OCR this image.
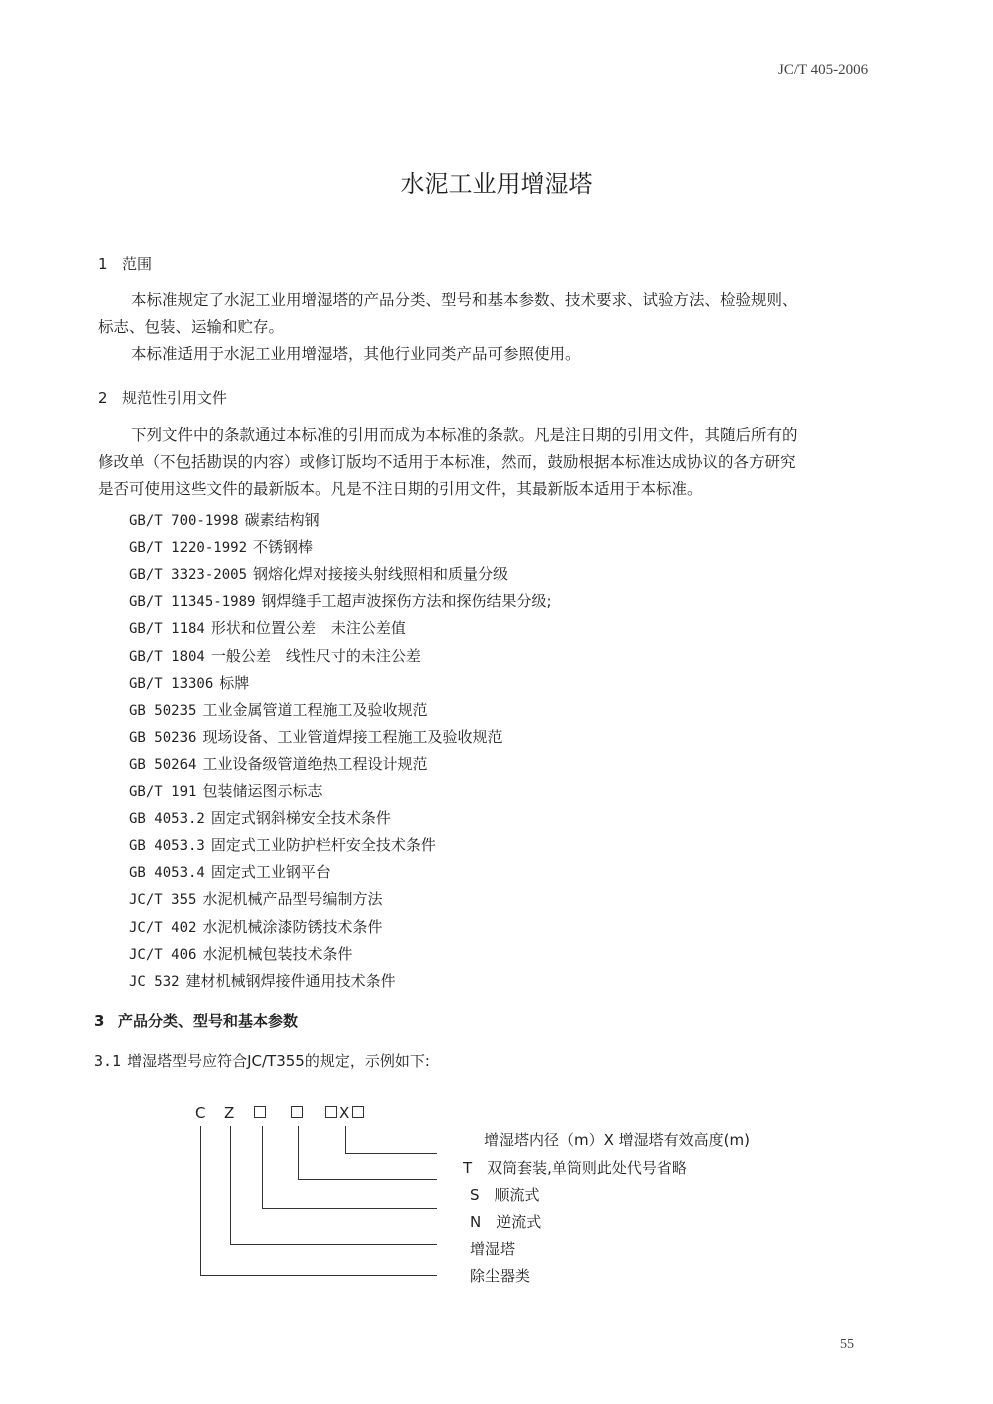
JC/T 405-2006
水泥工业用增湿塔
1 范围

本标准规定了水泥工业用增湿塔的产品分类、型号和基本参数、技术要求、试验方法、检验规则、

标志、包装、运输和贮存。

本标准适用于水泥工业用增湿塔，其他行业同类产品可参照使用。

2 规范性引用文件

下列文件中的条款通过本标准的引用而成为本标准的条款。凡是注日期的引用文件，其随后所有的

修改单（不包括勘误的内容）或修订版均不适用于本标准，然而，鼓励根据本标准达成协议的各方研究

是否可使用这些文件的最新版本。凡是不注日期的引用文件，其最新版本适用于本标准。

GB/T 700-1998 碳素结构钢
GB/T 1220-1992 不锈钢棒
GB/T 3323-2005 钢熔化焊对接接头射线照相和质量分级
GB/T 11345-1989 钢焊缝手工超声波探伤方法和探伤结果分级;
GB/T 1184 形状和位置公差　未注公差值
GB/T 1804 一般公差　线性尺寸的未注公差
GB/T 13306 标牌
GB 50235 工业金属管道工程施工及验收规范
GB 50236 现场设备、工业管道焊接工程施工及验收规范
GB 50264 工业设备级管道绝热工程设计规范
GB/T 191 包装储运图示标志
GB 4053.2 固定式钢斜梯安全技术条件
GB 4053.3 固定式工业防护栏杆安全技术条件
GB 4053.4 固定式工业钢平台
JC/T 355 水泥机械产品型号编制方法
JC/T 402 水泥机械涂漆防锈技术条件
JC/T 406 水泥机械包装技术条件
JC 532 建材机械钢焊接件通用技术条件
3 产品分类、型号和基本参数
3.1 增湿塔型号应符合JC/T355的规定，示例如下:
C Z	X
增湿塔内径（m）X 增湿塔有效高度(m)
T　双筒套装,单筒则此处代号省略
S　顺流式
N　逆流式
增湿塔
除尘器类
55
